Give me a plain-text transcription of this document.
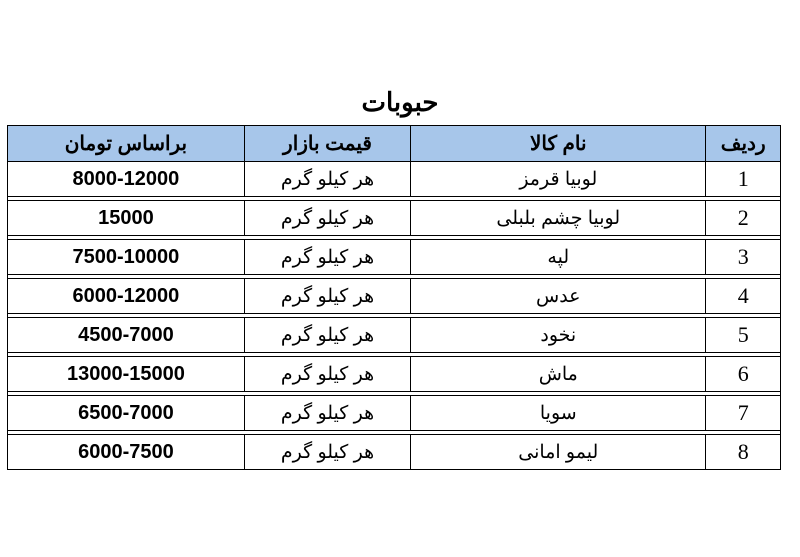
حبوبات
ردیف	نام کالا	قیمت بازار	براساس تومان
1	لوبیا قرمز	هر کیلو گرم	8000-12000

2	لوبیا چشم بلبلی	هر کیلو گرم	15000

3	لپه	هر کیلو گرم	7500-10000

4	عدس	هر کیلو گرم	6000-12000

5	نخود	هر کیلو گرم	4500-7000

6	ماش	هر کیلو گرم	13000-15000

7	سویا	هر کیلو گرم	6500-7000

8	لیمو امانی	هر کیلو گرم	6000-7500
